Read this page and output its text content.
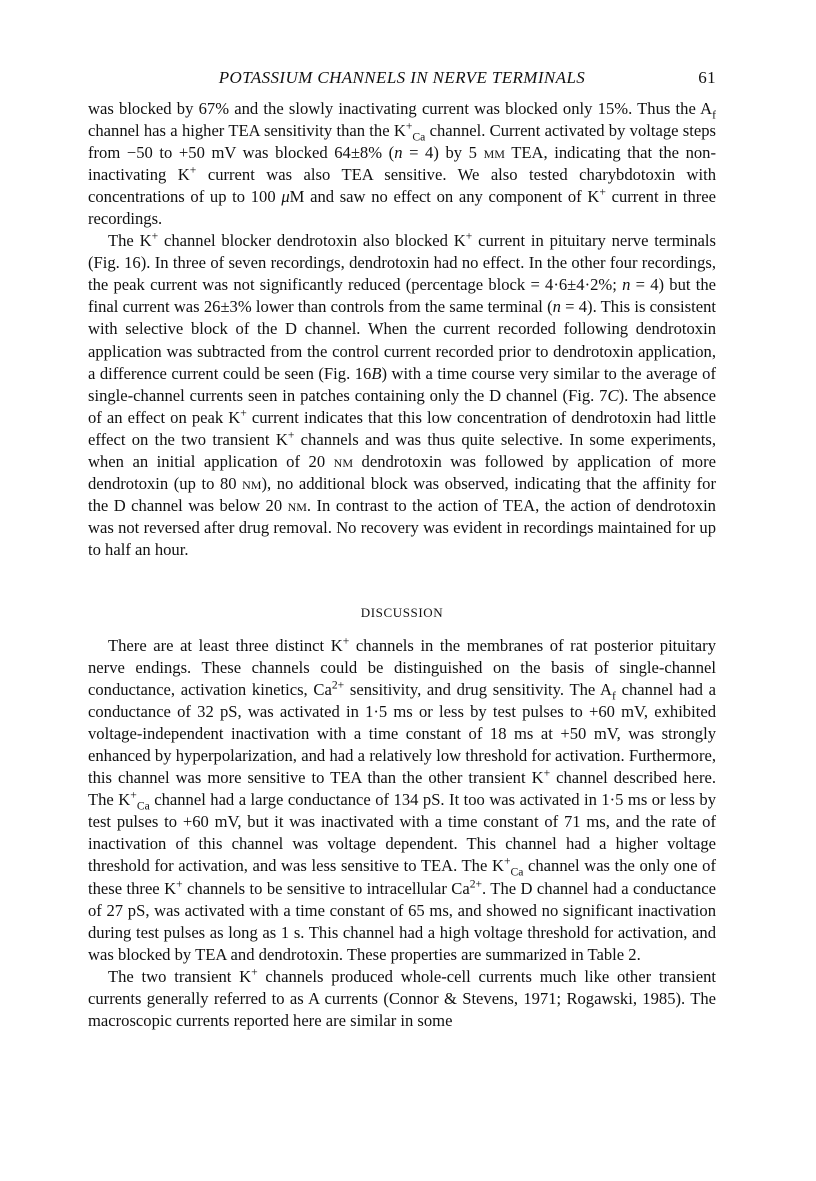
POTASSIUM CHANNELS IN NERVE TERMINALS	61

was blocked by 67% and the slowly inactivating current was blocked only 15%. Thus the $A_f$ channel has a higher TEA sensitivity than the $K^+_{Ca}$ channel. Current activated by voltage steps from −50 to +50 mV was blocked 64±8% (n = 4) by 5 mm TEA, indicating that the non-inactivating K+ current was also TEA sensitive. We also tested charybdotoxin with concentrations of up to 100 μM and saw no effect on any component of K+ current in three recordings.

The K+ channel blocker dendrotoxin also blocked K+ current in pituitary nerve terminals (Fig. 16). In three of seven recordings, dendrotoxin had no effect. In the other four recordings, the peak current was not significantly reduced (percentage block = 4·6±4·2%; n = 4) but the final current was 26±3% lower than controls from the same terminal (n = 4). This is consistent with selective block of the D channel. When the current recorded following dendrotoxin application was subtracted from the control current recorded prior to dendrotoxin application, a difference current could be seen (Fig. 16B) with a time course very similar to the average of single-channel currents seen in patches containing only the D channel (Fig. 7C). The absence of an effect on peak K+ current indicates that this low concentration of dendrotoxin had little effect on the two transient K+ channels and was thus quite selective. In some experiments, when an initial application of 20 nm dendrotoxin was followed by application of more dendrotoxin (up to 80 nm), no additional block was observed, indicating that the affinity for the D channel was below 20 nm. In contrast to the action of TEA, the action of dendrotoxin was not reversed after drug removal. No recovery was evident in recordings maintained for up to half an hour.

DISCUSSION

There are at least three distinct K+ channels in the membranes of rat posterior pituitary nerve endings. These channels could be distinguished on the basis of single-channel conductance, activation kinetics, $Ca^{2+}$ sensitivity, and drug sensitivity. The $A_f$ channel had a conductance of 32 pS, was activated in 1·5 ms or less by test pulses to +60 mV, exhibited voltage-independent inactivation with a time constant of 18 ms at +50 mV, was strongly enhanced by hyperpolarization, and had a relatively low threshold for activation. Furthermore, this channel was more sensitive to TEA than the other transient K+ channel described here. The $K^+_{Ca}$ channel had a large conductance of 134 pS. It too was activated in 1·5 ms or less by test pulses to +60 mV, but it was inactivated with a time constant of 71 ms, and the rate of inactivation of this channel was voltage dependent. This channel had a higher voltage threshold for activation, and was less sensitive to TEA. The $K^+_{Ca}$ channel was the only one of these three K+ channels to be sensitive to intracellular $Ca^{2+}$. The D channel had a conductance of 27 pS, was activated with a time constant of 65 ms, and showed no significant inactivation during test pulses as long as 1 s. This channel had a high voltage threshold for activation, and was blocked by TEA and dendrotoxin. These properties are summarized in Table 2.

The two transient K+ channels produced whole-cell currents much like other transient currents generally referred to as A currents (Connor & Stevens, 1971; Rogawski, 1985). The macroscopic currents reported here are similar in some
